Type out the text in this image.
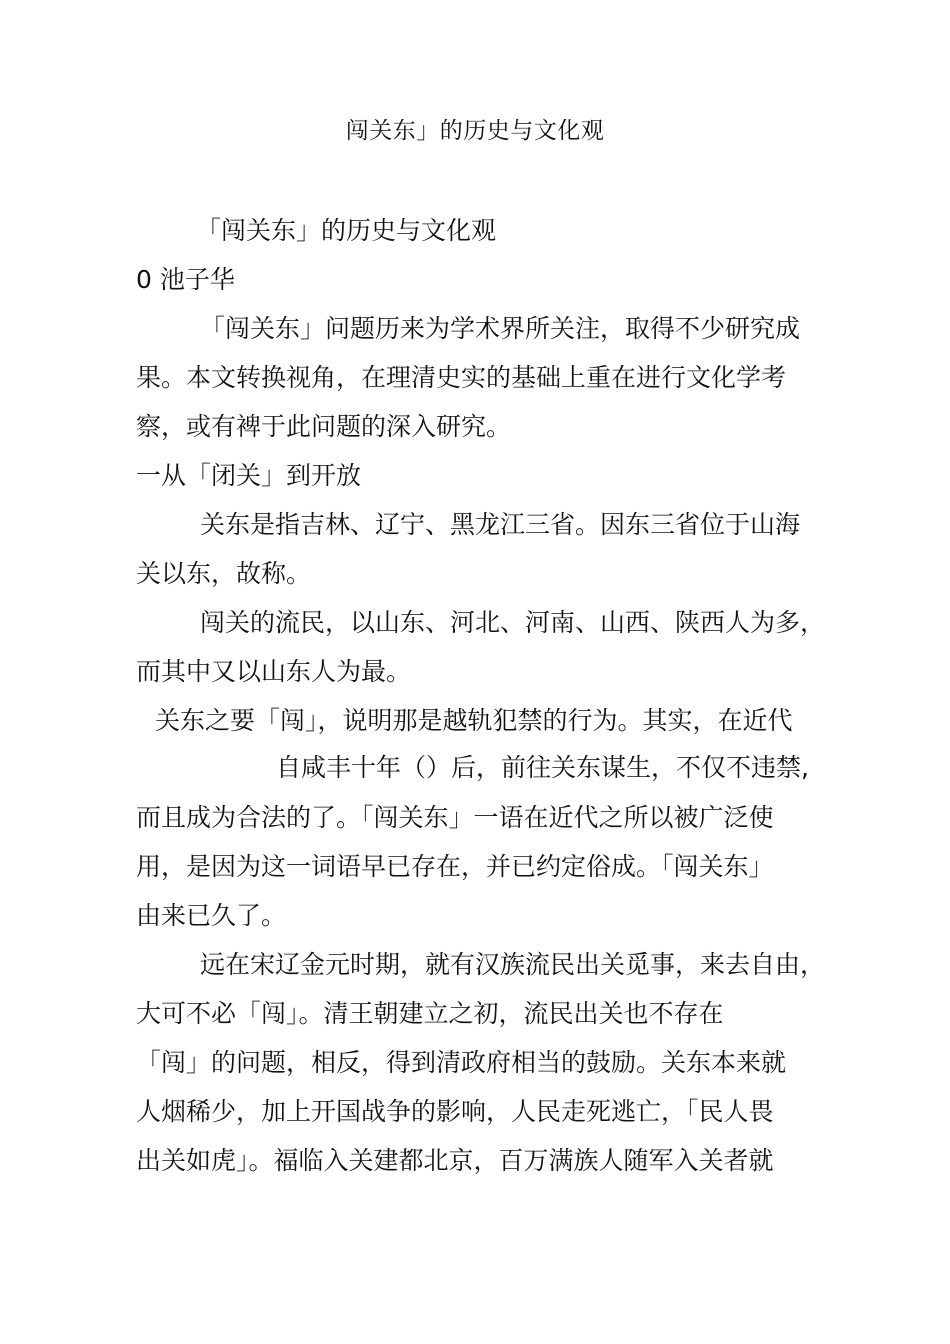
闯关东」的历史与文化观
「闯关东」的历史与文化观
0 池子华
「闯关东」问题历来为学术界所关注，取得不少研究成
果。本文转换视角，在理清史实的基础上重在进行文化学考
察，或有裨于此问题的深入研究。
一从「闭关」到开放
关东是指吉林、辽宁、黑龙江三省。因东三省位于山海
关以东，故称。
闯关的流民，以山东、河北、河南、山西、陕西人为多，
而其中又以山东人为最。
关东之要「闯」，说明那是越轨犯禁的行为。其实，在近代
自咸丰十年（）后，前往关东谋生，不仅不违禁,
而且成为合法的了。「闯关东」一语在近代之所以被广泛使
用，是因为这一词语早已存在，并已约定俗成。「闯关东」
由来已久了。
远在宋辽金元时期，就有汉族流民出关觅事，来去自由，
大可不必「闯」。清王朝建立之初，流民出关也不存在
「闯」的问题，相反，得到清政府相当的鼓励。关东本来就
人烟稀少，加上开国战争的影响，人民走死逃亡，「民人畏
出关如虎」。福临入关建都北京，百万满族人随军入关者就
